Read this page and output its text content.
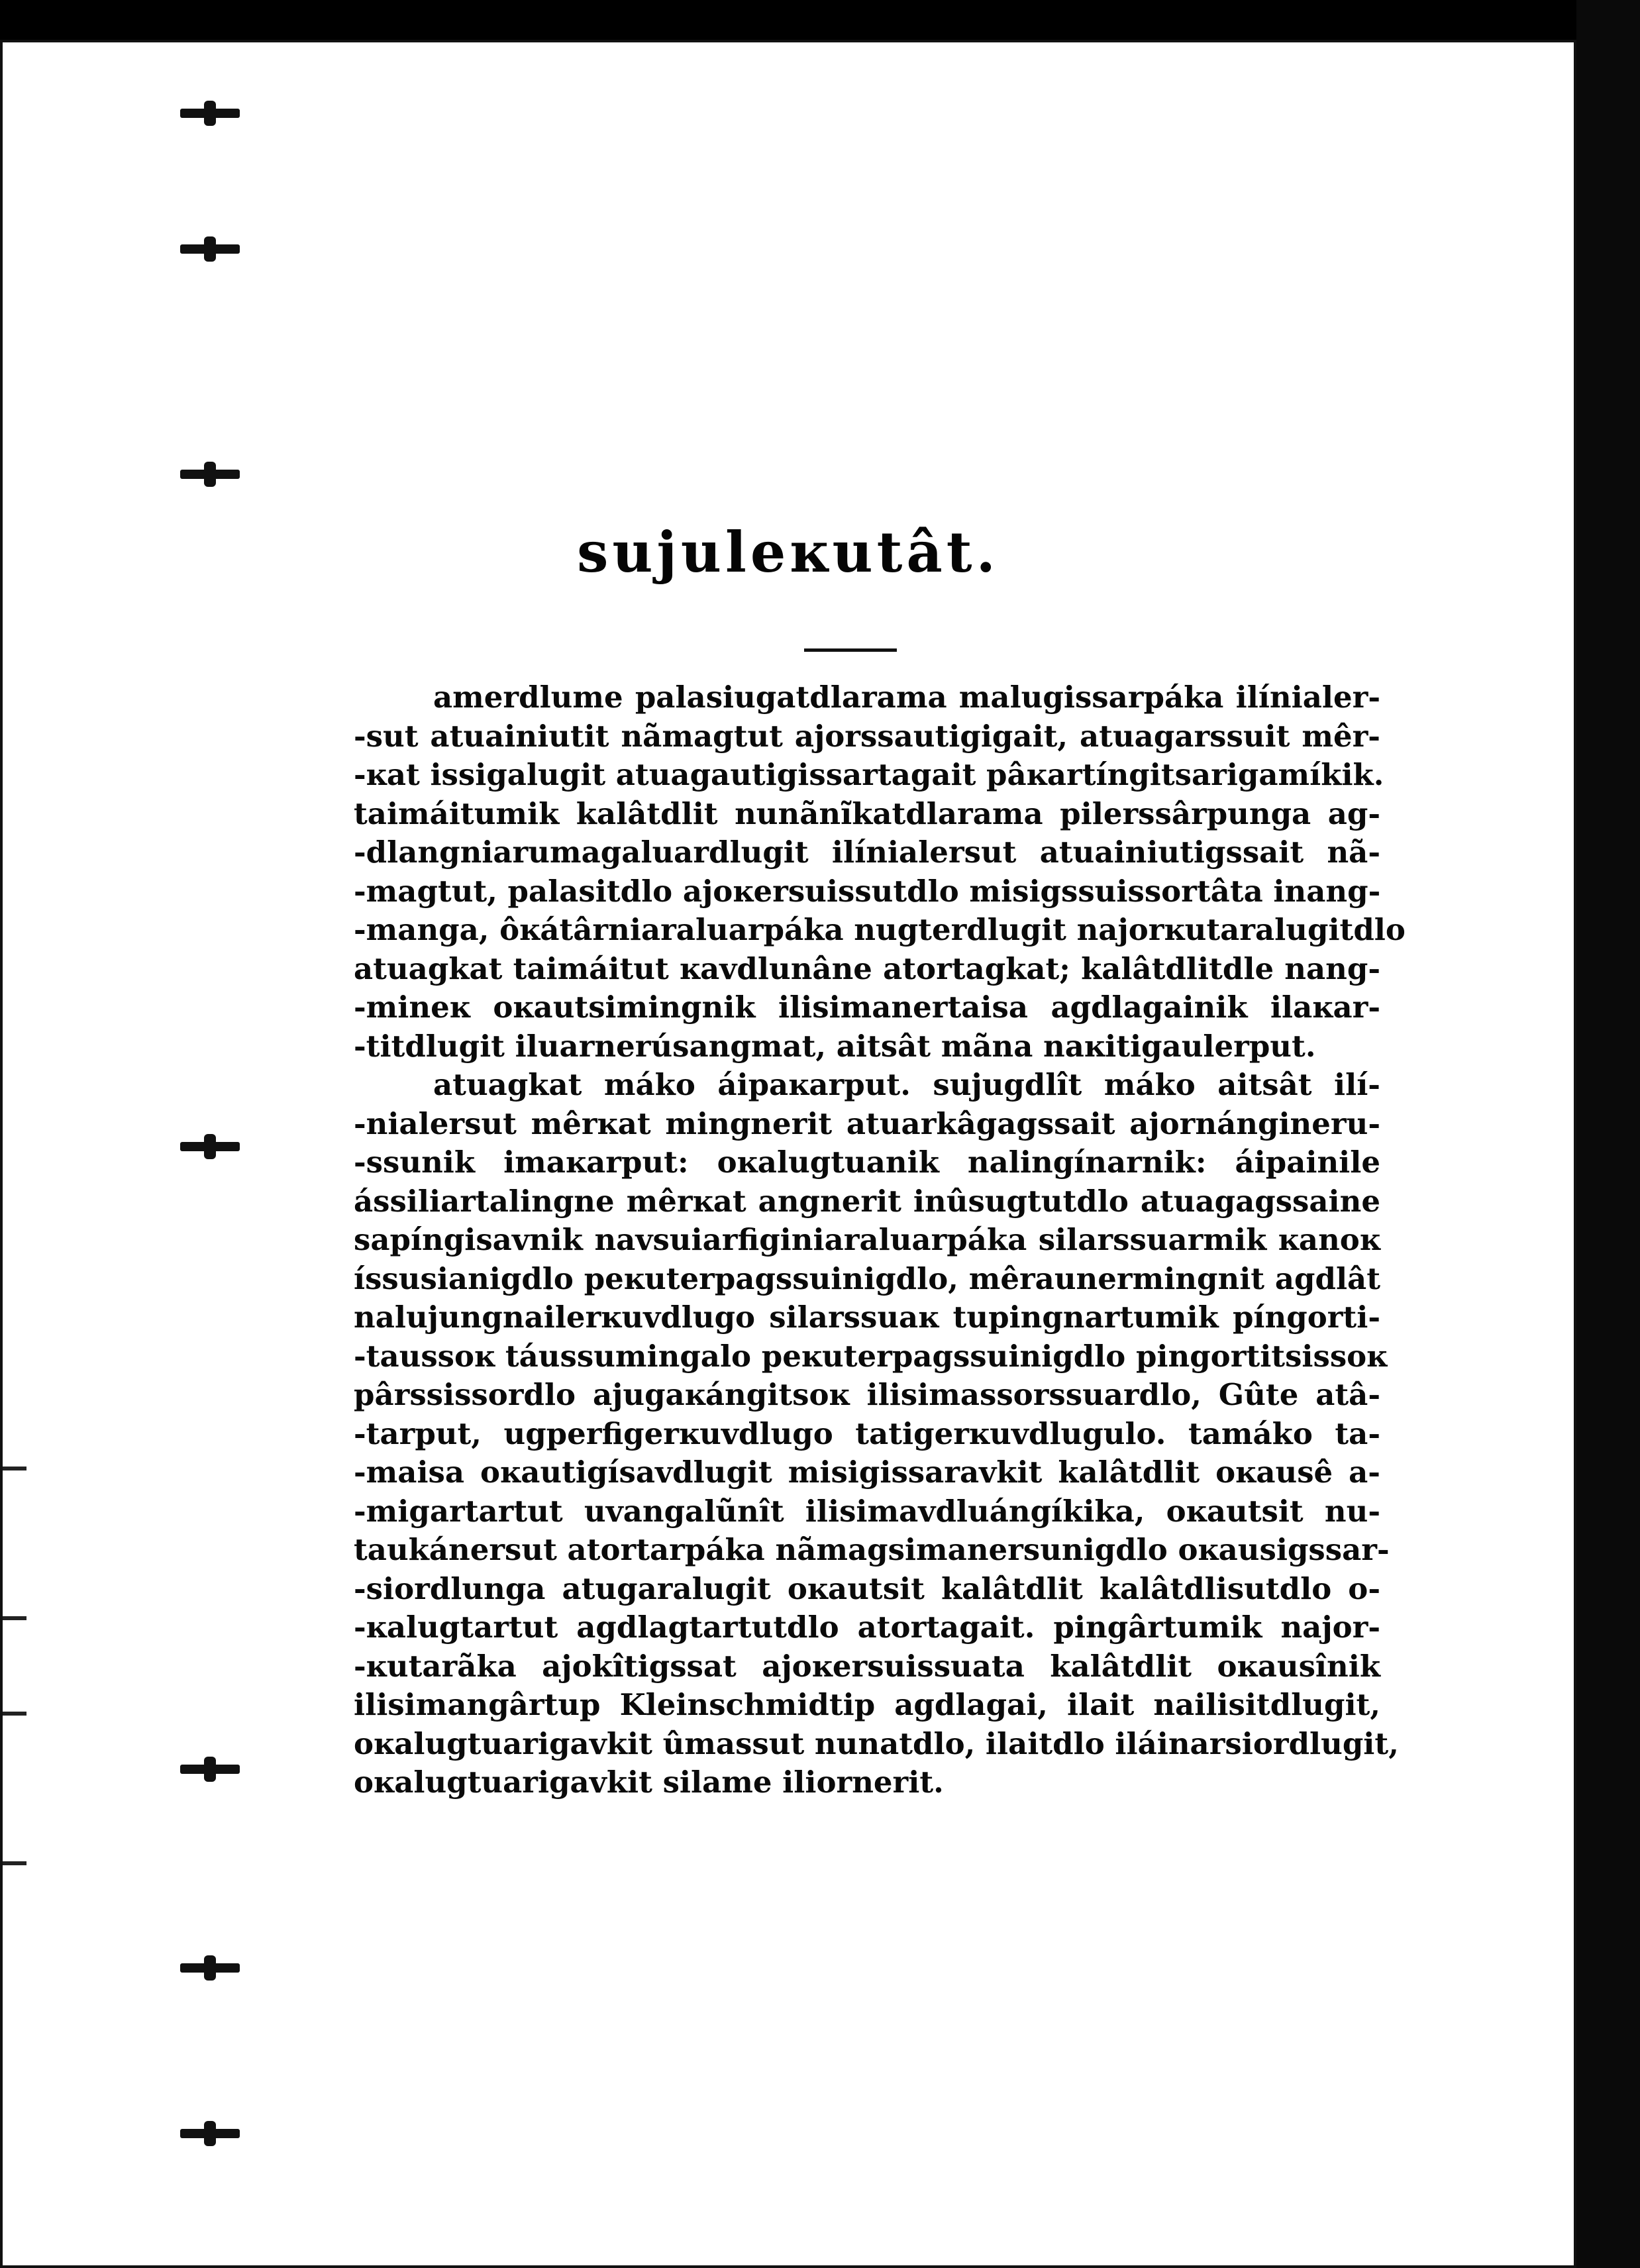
sujuleĸutât.
amerdlume palasiugatdlarama malugissarpáka ilínialer-
-sut atuainiutit nãmagtut ajorssautigigait, atuagarssuit mêr-
-ĸat issigalugit atuagautigissartagait pâĸartíngitsarigamíkik.
taimáitumik kalâtdlit nunãnĩkatdlarama pilerssârpunga ag-
-dlangniarumagaluardlugit ilínialersut atuainiutigssait nã-
-magtut, palasitdlo ajoĸersuissutdlo misigssuissortâta inang-
-manga, ôĸátârniaraluarpáka nugterdlugit najorĸutaralugitdlo
atuagkat taimáitut ĸavdlunâne atortagkat; kalâtdlitdle nang-
-mineĸ oĸautsimingnik ilisimanertaisa agdlagainik ilaĸar-
-titdlugit iluarnerúsangmat, aitsât mãna naĸitigaulerput.
atuagkat máko áipaĸarput. sujugdlît máko aitsât ilí-
-nialersut mêrĸat mingnerit atuarkâgagssait ajornángineru-
-ssunik imaĸarput: oĸalugtuanik nalingínarnik: áipainile
ássiliartalingne mêrĸat angnerit inûsugtutdlo atuagagssaine
sapíngisavnik navsuiarfiginiaraluarpáka silarssuarmik ĸanoĸ
íssusianigdlo peĸuterpagssuinigdlo, mêraunermingnit agdlât
nalujungnailerĸuvdlugo silarssuaĸ tupingnartumik píngorti-
-taussoĸ táussumingalo peĸuterpagssuinigdlo pingortitsissoĸ
pârssissordlo ajugaĸángitsoĸ ilisimassorssuardlo, Gûte atâ-
-tarput, ugperfigerĸuvdlugo tatigerĸuvdlugulo. tamáko ta-
-maisa oĸautigísavdlugit misigissaravkit kalâtdlit oĸausê a-
-migartartut uvangalũnît ilisimavdluángíkika, oĸautsit nu-
taukánersut atortarpáka nãmagsimanersunigdlo oĸausigssar-
-siordlunga atugaralugit oĸautsit kalâtdlit kalâtdlisutdlo o-
-ĸalugtartut agdlagtartutdlo atortagait. pingârtumik najor-
-ĸutarãka ajokîtigssat ajoĸersuissuata kalâtdlit oĸausînik
ilisimangârtup Kleinschmidtip agdlagai, ilait nailisitdlugit,
oĸalugtuarigavkit ûmassut nunatdlo, ilaitdlo iláinarsiordlugit,
oĸalugtuarigavkit silame iliornerit.
